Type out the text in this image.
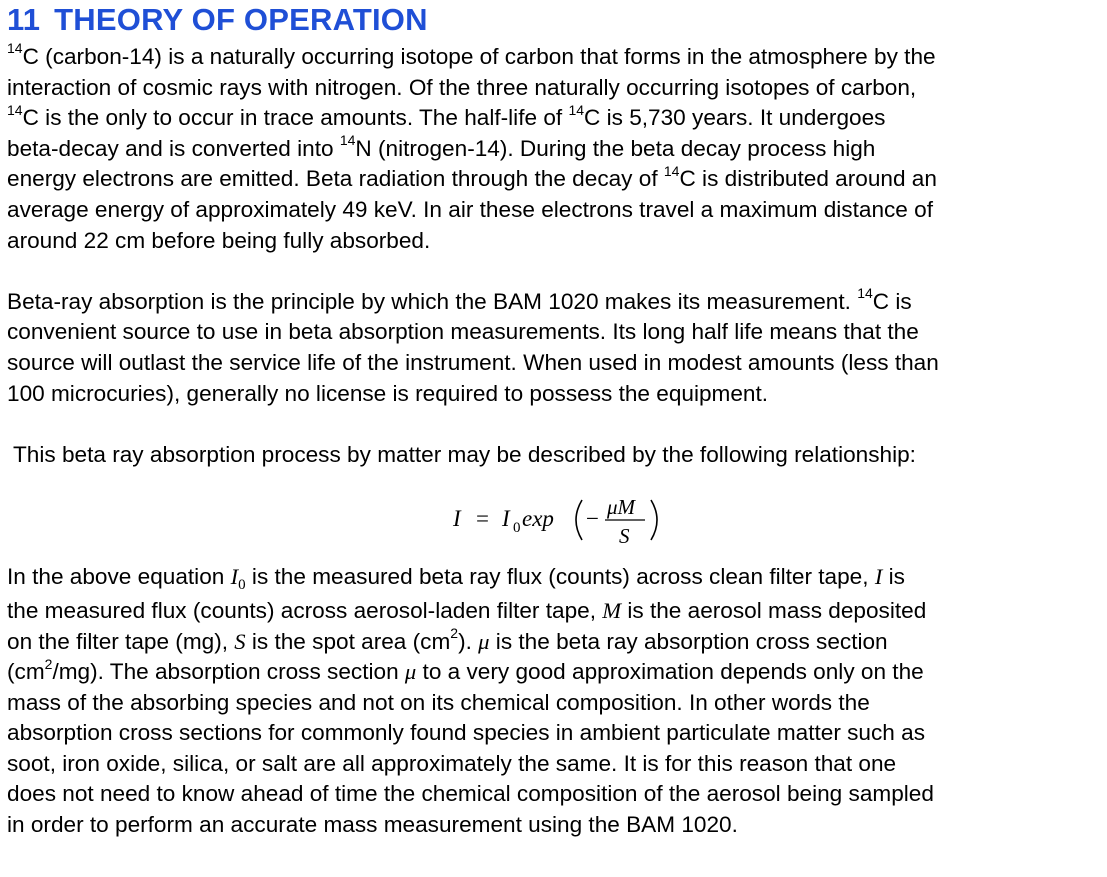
11 THEORY OF OPERATION

$^{14}$C (carbon-14) is a naturally occurring isotope of carbon that forms in the atmosphere by the
interaction of cosmic rays with nitrogen. Of the three naturally occurring isotopes of carbon,
$^{14}$C is the only to occur in trace amounts. The half-life of $^{14}$C is 5,730 years. It undergoes
beta-decay and is converted into $^{14}$N (nitrogen-14). During the beta decay process high
energy electrons are emitted. Beta radiation through the decay of $^{14}$C is distributed around an
average energy of approximately 49 keV. In air these electrons travel a maximum distance of
around 22 cm before being fully absorbed.

Beta-ray absorption is the principle by which the BAM 1020 makes its measurement. $^{14}$C is
convenient source to use in beta absorption measurements. Its long half life means that the
source will outlast the service life of the instrument. When used in modest amounts (less than
100 microcuries), generally no license is required to possess the equipment.

This beta ray absorption process by matter may be described by the following relationship:

I = I 0 exp − μM
S

In the above equation $I_0$ is the measured beta ray flux (counts) across clean filter tape, I is
the measured flux (counts) across aerosol-laden filter tape, M is the aerosol mass deposited
on the filter tape (mg), S is the spot area $(cm^2)$. μ is the beta ray absorption cross section
$(cm^2/mg)$. The absorption cross section μ to a very good approximation depends only on the
mass of the absorbing species and not on its chemical composition. In other words the
absorption cross sections for commonly found species in ambient particulate matter such as
soot, iron oxide, silica, or salt are all approximately the same. It is for this reason that one
does not need to know ahead of time the chemical composition of the aerosol being sampled
in order to perform an accurate mass measurement using the BAM 1020.
